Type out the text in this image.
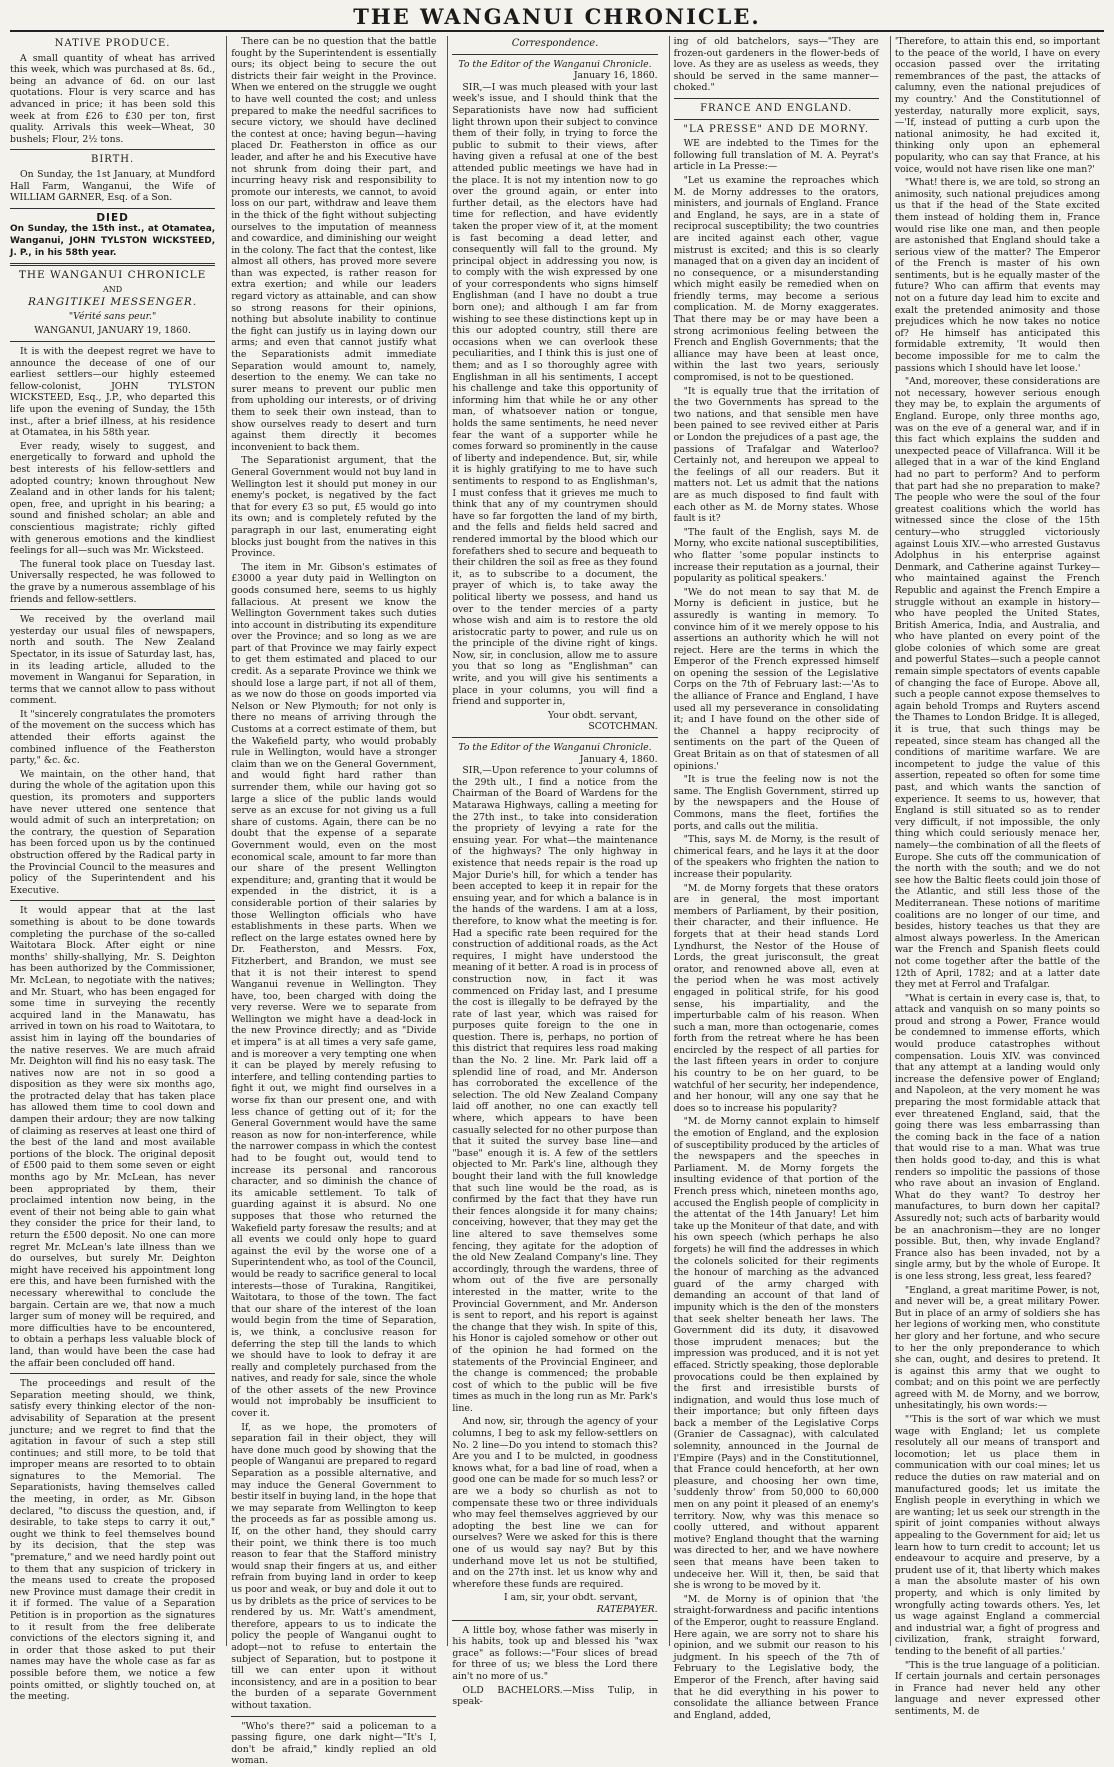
THE WANGANUI CHRONICLE.
NATIVE PRODUCE.

A small quantity of wheat has arrived this week, which was purchased at 8s. 6d., being an advance of 6d. on our last quotations. Flour is very scarce and has advanced in price; it has been sold this week at from £26 to £30 per ton, first quality. Arrivals this week—Wheat, 30 bushels; Flour, 2½ tons.

BIRTH.

On Sunday, the 1st January, at Mundford Hall Farm, Wanganui, the Wife of WILLIAM GARNER, Esq. of a Son.

DIED

On Sunday, the 15th inst., at Otamatea, Wanganui, JOHN TYLSTON WICKSTEED, J. P., in his 58th year.

THE WANGANUI CHRONICLE
AND
RANGITIKEI MESSENGER.
"Vérité sans peur."
WANGANUI, JANUARY 19, 1860.

It is with the deepest regret we have to announce the decease of one of our earliest settlers—our highly esteemed fellow-colonist, JOHN TYLSTON WICKSTEED, Esq., J.P., who departed this life upon the evening of Sunday, the 15th inst., after a brief illness, at his residence at Otamatea, in his 58th year.

Ever ready, wisely to suggest, and energetically to forward and uphold the best interests of his fellow-settlers and adopted country; known throughout New Zealand and in other lands for his talent; open, free, and upright in his bearing; a sound and finished scholar; an able and conscientious magistrate; richly gifted with generous emotions and the kindliest feelings for all—such was Mr. Wicksteed.

The funeral took place on Tuesday last. Universally respected, he was followed to the grave by a numerous assemblage of his friends and fellow-settlers.

We received by the overland mail yesterday our usual files of newspapers, north and south. The New Zealand Spectator, in its issue of Saturday last, has, in its leading article, alluded to the movement in Wanganui for Separation, in terms that we cannot allow to pass without comment.

It "sincerely congratulates the promoters of the movement on the success which has attended their efforts against the combined influence of the Featherston party," &c. &c.

We maintain, on the other hand, that during the whole of the agitation upon this question, its promoters and supporters have never uttered one sentence that would admit of such an interpretation; on the contrary, the question of Separation has been forced upon us by the continued obstruction offered by the Radical party in the Provincial Council to the measures and policy of the Superintendent and his Executive.

It would appear that at the last something is about to be done towards completing the purchase of the so-called Waitotara Block. After eight or nine months' shilly-shallying, Mr. S. Deighton has been authorized by the Commissioner, Mr. McLean, to negotiate with the natives; and Mr. Stuart, who has been engaged for some time in surveying the recently acquired land in the Manawatu, has arrived in town on his road to Waitotara, to assist him in laying off the boundaries of the native reserves. We are much afraid Mr. Deighton will find his no easy task. The natives now are not in so good a disposition as they were six months ago, the protracted delay that has taken place has allowed them time to cool down and dampen their ardour; they are now talking of claiming as reserves at least one third of the best of the land and most available portions of the block. The original deposit of £500 paid to them some seven or eight months ago by Mr. McLean, has never been appropriated by them, their proclaimed intention now being, in the event of their not being able to gain what they consider the price for their land, to return the £500 deposit. No one can more regret Mr. McLean's late illness than we do ourselves, but surely Mr. Deighton might have received his appointment long ere this, and have been furnished with the necessary wherewithal to conclude the bargain. Certain are we, that now a much larger sum of money will be required, and more difficulties have to be encountered, to obtain a perhaps less valuable block of land, than would have been the case had the affair been concluded off hand.

The proceedings and result of the Separation meeting should, we think, satisfy every thinking elector of the non-advisability of Separation at the present juncture; and we regret to find that the agitation in favour of such a step still continues; and still more, to be told that improper means are resorted to to obtain signatures to the Memorial. The Separationists, having themselves called the meeting, in order, as Mr. Gibson declared, "to discuss the question, and, if desirable, to take steps to carry it out," ought we think to feel themselves bound by its decision, that the step was "premature," and we need hardly point out to them that any suspicion of trickery in the means used to create the proposed new Province must damage their credit in it if formed. The value of a Separation Petition is in proportion as the signatures to it result from the free deliberate convictions of the electors signing it, and in order that those asked to put their names may have the whole case as far as possible before them, we notice a few points omitted, or slightly touched on, at the meeting.

There can be no question that the battle fought by the Superintendent is essentially ours; its object being to secure the out districts their fair weight in the Province. When we entered on the struggle we ought to have well counted the cost; and unless prepared to make the needful sacrifices to secure victory, we should have declined the contest at once; having begun—having placed Dr. Featherston in office as our leader, and after he and his Executive have not shrunk from doing their part, and incurring heavy risk and responsibility to promote our interests, we cannot, to avoid loss on our part, withdraw and leave them in the thick of the fight without subjecting ourselves to the imputation of meanness and cowardice, and diminishing our weight in the colony. The fact that the contest, like almost all others, has proved more severe than was expected, is rather reason for extra exertion; and while our leaders regard victory as attainable, and can show so strong reasons for their opinions, nothing but absolute inability to continue the fight can justify us in laying down our arms; and even that cannot justify what the Separationists admit immediate Separation would amount to, namely, desertion to the enemy. We can take no surer means to prevent our public men from upholding our interests, or of driving them to seek their own instead, than to show ourselves ready to desert and turn against them directly it becomes inconvenient to back them.

The Separationist argument, that the General Government would not buy land in Wellington lest it should put money in our enemy's pocket, is negatived by the fact that for every £3 so put, £5 would go into its own; and is completely refuted by the paragraph in our last, enumerating eight blocks just bought from the natives in this Province.

The item in Mr. Gibson's estimates of £3000 a year duty paid in Wellington on goods consumed here, seems to us highly fallacious. At present we know the Wellington Government takes such duties into account in distributing its expenditure over the Province; and so long as we are part of that Province we may fairly expect to get them estimated and placed to our credit. As a separate Province we think we should lose a large part, if not all of them, as we now do those on goods imported via Nelson or New Plymouth; for not only is there no means of arriving through the Customs at a correct estimate of them, but the Wakefield party, who would probably rule in Wellington, would have a stronger claim than we on the General Government, and would fight hard rather than surrender them, while our having got so large a slice of the public lands would serve as an excuse for not giving us a full share of customs. Again, there can be no doubt that the expense of a separate Government would, even on the most economical scale, amount to far more than our share of the present Wellington expenditure; and, granting that it would be expended in the district, it is a considerable portion of their salaries by those Wellington officials who have establishments in these parts. When we reflect on the large estates owned here by Dr. Featherston, and Messrs. Fox, Fitzherbert, and Brandon, we must see that it is not their interest to spend Wanganui revenue in Wellington. They have, too, been charged with doing the very reverse. Were we to separate from Wellington we might have a dead-lock in the new Province directly; and as "Divide et impera" is at all times a very safe game, and is moreover a very tempting one when it can be played by merely refusing to interfere, and telling contending parties to fight it out, we might find ourselves in a worse fix than our present one, and with less chance of getting out of it; for the General Government would have the same reason as now for non-interference, while the narrower compass in which the contest had to be fought out, would tend to increase its personal and rancorous character, and so diminish the chance of its amicable settlement. To talk of guarding against it is absurd. No one supposes that those who returned the Wakefield party foresaw the results; and at all events we could only hope to guard against the evil by the worse one of a Superintendent who, as tool of the Council, would be ready to sacrifice general to local interests—those of Turakina, Rangitikei, Waitotara, to those of the town. The fact that our share of the interest of the loan would begin from the time of Separation, is, we think, a conclusive reason for deferring the step till the lands to which we should have to look to defray it are really and completely purchased from the natives, and ready for sale, since the whole of the other assets of the new Province would not improbably be insufficient to cover it.

If, as we hope, the promoters of separation fail in their object, they will have done much good by showing that the people of Wanganui are prepared to regard Separation as a possible alternative, and may induce the General Government to bestir itself in buying land, in the hope that we may separate from Wellington to keep the proceeds as far as possible among us. If, on the other hand, they should carry their point, we think there is too much reason to fear that the Stafford ministry would snap their fingers at us, and either refrain from buying land in order to keep us poor and weak, or buy and dole it out to us by driblets as the price of services to be rendered by us. Mr. Watt's amendment, therefore, appears to us to indicate the policy the people of Wanganui ought to adopt—not to refuse to entertain the subject of Separation, but to postpone it till we can enter upon it without inconsistency, and are in a position to bear the burden of a separate Government without taxation.

"Who's there?" said a policeman to a passing figure, one dark night—"It's I, don't be afraid," kindly replied an old woman.

Correspondence.
To the Editor of the Wanganui Chronicle.
January 16, 1860.

SIR,—I was much pleased with your last week's issue, and I should think that the Separationists have now had sufficient light thrown upon their subject to convince them of their folly, in trying to force the public to submit to their views, after having given a refusal at one of the best attended public meetings we have had in the place. It is not my intention now to go over the ground again, or enter into further detail, as the electors have had time for reflection, and have evidently taken the proper view of it, at the moment is fast becoming a dead letter, and consequently will fall to the ground. My principal object in addressing you now, is to comply with the wish expressed by one of your correspondents who signs himself Englishman (and I have no doubt a true born one); and although I am far from wishing to see these distinctions kept up in this our adopted country, still there are occasions when we can overlook these peculiarities, and I think this is just one of them; and as I so thoroughly agree with Englishman in all his sentiments, I accept his challenge and take this opportunity of informing him that while he or any other man, of whatsoever nation or tongue, holds the same sentiments, he need never fear the want of a supporter while he comes forward so prominently in the cause of liberty and independence. But, sir, while it is highly gratifying to me to have such sentiments to respond to as Englishman's, I must confess that it grieves me much to think that any of my countrymen should have so far forgotten the land of my birth, and the fells and fields held sacred and rendered immortal by the blood which our forefathers shed to secure and bequeath to their children the soil as free as they found it, as to subscribe to a document, the prayer of which is, to take away the political liberty we possess, and hand us over to the tender mercies of a party whose wish and aim is to restore the old aristocratic party to power, and rule us on the principle of the divine right of kings. Now, sir, in conclusion, allow me to assure you that so long as "Englishman" can write, and you will give his sentiments a place in your columns, you will find a friend and supporter in,

Your obdt. servant,
SCOTCHMAN.
To the Editor of the Wanganui Chronicle.
January 4, 1860.

SIR,—Upon reference to your columns of the 29th ult., I find a notice from the Chairman of the Board of Wardens for the Matarawa Highways, calling a meeting for the 27th inst., to take into consideration the propriety of levying a rate for the ensuing year. For what—the maintenance of the highways? The only highway in existence that needs repair is the road up Major Durie's hill, for which a tender has been accepted to keep it in repair for the ensuing year, and for which a balance is in the hands of the wardens. I am at a loss, therefore, to know what the meeting is for. Had a specific rate been required for the construction of additional roads, as the Act requires, I might have understood the meaning of it better. A road is in process of construction now, in fact it was commenced on Friday last, and I presume the cost is illegally to be defrayed by the rate of last year, which was raised for purposes quite foreign to the one in question. There is, perhaps, no portion of this district that requires less road making than the No. 2 line. Mr. Park laid off a splendid line of road, and Mr. Anderson has corroborated the excellence of the selection. The old New Zealand Company laid off another, no one can exactly tell where, which appears to have been casually selected for no other purpose than that it suited the survey base line—and "base" enough it is. A few of the settlers objected to Mr. Park's line, although they bought their land with the full knowledge that such line would be the road, as is confirmed by the fact that they have run their fences alongside it for many chains; conceiving, however, that they may get the line altered to save themselves some fencing, they agitate for the adoption of the old New Zealand Company's line. They accordingly, through the wardens, three of whom out of the five are personally interested in the matter, write to the Provincial Government, and Mr. Anderson is sent to report, and his report is against the change that they wish. In spite of this, his Honor is cajoled somehow or other out of the opinion he had formed on the statements of the Provincial Engineer, and the change is commenced; the probable cost of which to the public will be five times as much in the long run as Mr. Park's line.

And now, sir, through the agency of your columns, I beg to ask my fellow-settlers on No. 2 line—Do you intend to stomach this? Are you and I to be mulcted, in goodness knows what, for a bad line of road, when a good one can be made for so much less? or are we a body so churlish as not to compensate these two or three individuals who may feel themselves aggrieved by our adopting the best line we can for ourselves? Were we asked for this is there one of us would say nay? But by this underhand move let us not be stultified, and on the 27th inst. let us know why and wherefore these funds are required.

I am, sir, your obdt. servant,
RATEPAYER.

A little boy, whose father was miserly in his habits, took up and blessed his "wax grace" as follows:—"Four slices of bread for three of us; we bless the Lord there ain't no more of us."

OLD BACHELORS.—Miss Tulip, in speak-

ing of old batchelors, says—"They are frozen-out gardeners in the flower-beds of love. As they are as useless as weeds, they should be served in the same manner—choked."

FRANCE AND ENGLAND.
"LA PRESSE" AND DE MORNY.

WE are indebted to the Times for the following full translation of M. A. Peyrat's article in La Presse:—

"Let us examine the reproaches which M. de Morny addresses to the orators, ministers, and journals of England. France and England, he says, are in a state of reciprocal susceptibility; the two countries are incited against each other, vague mistrust is excited; and this is so clearly managed that on a given day an incident of no consequence, or a misunderstanding which might easily be remedied when on friendly terms, may become a serious complication. M. de Morny exaggerates. That there may be or may have been a strong acrimonious feeling between the French and English Governments; that the alliance may have been at least once, within the last two years, seriously compromised, is not to be questioned.

"It is equally true that the irritation of the two Governments has spread to the two nations, and that sensible men have been pained to see revived either at Paris or London the prejudices of a past age, the passions of Trafalgar and Waterloo? Certainly not, and hereupon we appeal to the feelings of all our readers. But it matters not. Let us admit that the nations are as much disposed to find fault with each other as M. de Morny states. Whose fault is it?

"The fault of the English, says M. de Morny, who excite national susceptibilities, who flatter 'some popular instincts to increase their reputation as a journal, their popularity as political speakers.'

"We do not mean to say that M. de Morny is deficient in justice, but he assuredly is wanting in memory. To convince him of it we merely oppose to his assertions an authority which he will not reject. Here are the terms in which the Emperor of the French expressed himself on opening the session of the Legislative Corps on the 7th of February last:—'As to the alliance of France and England, I have used all my perseverance in consolidating it; and I have found on the other side of the Channel a happy reciprocity of sentiments on the part of the Queen of Great Britain as on that of statesmen of all opinions.'

"It is true the feeling now is not the same. The English Government, stirred up by the newspapers and the House of Commons, mans the fleet, fortifies the ports, and calls out the militia.

"This, says M. de Morny, is the result of chimerical fears, and he lays it at the door of the speakers who frighten the nation to increase their popularity.

"M. de Morny forgets that these orators are in general, the most important members of Parliament, by their position, their character, and their influence. He forgets that at their head stands Lord Lyndhurst, the Nestor of the House of Lords, the great jurisconsult, the great orator, and renowned above all, even at the period when he was most actively engaged in political strife, for his good sense, his impartiality, and the imperturbable calm of his reason. When such a man, more than octogenarie, comes forth from the retreat where he has been encircled by the respect of all parties for the last fifteen years in order to conjure his country to be on her guard, to be watchful of her security, her independence, and her honour, will any one say that he does so to increase his popularity?

"M. de Morny cannot explain to himself the emotion of England, and the explosion of susceptibility produced by the articles of the newspapers and the speeches in Parliament. M. de Morny forgets the insulting evidence of that portion of the French press which, nineteen months ago, accused the English people of complicity in the attentat of the 14th January! Let him take up the Moniteur of that date, and with his own speech (which perhaps he also forgets) he will find the addresses in which the colonels solicited for their regiments the honour of marching as the advanced guard of the army charged with demanding an account of that land of impunity which is the den of the monsters that seek shelter beneath her laws. The Government did its duty, it disavowed those imprudent menaces; but the impression was produced, and it is not yet effaced. Strictly speaking, those deplorable provocations could be then explained by the first and irresistible bursts of indignation, and would thus lose much of their importance; but only fifteen days back a member of the Legislative Corps (Granier de Cassagnac), with calculated solemnity, announced in the Journal de l'Empire (Pays) and in the Constitutionnel, that France could henceforth, at her own pleasure, and choosing her own time, 'suddenly throw' from 50,000 to 60,000 men on any point it pleased of an enemy's territory. Now, why was this menace so coolly uttered, and without apparent motive? England thought that the warning was directed to her, and we have nowhere seen that means have been taken to undeceive her. Will it, then, be said that she is wrong to be moved by it.

"M. de Morny is of opinion that 'the straight-forwardness and pacific intentions of the Emperor, ought to reassure England. Here again, we are sorry not to share his opinion, and we submit our reason to his judgment. In his speech of the 7th of February to the Legislative body, the Emperor of the French, after having said that he did everything in his power to consolidate the alliance between France and England, added,

'Therefore, to attain this end, so important to the peace of the world, I have on every occasion passed over the irritating remembrances of the past, the attacks of calumny, even the national prejudices of my country.' And the Constitutionnel of yesterday, naturally more explicit, says,—'If, instead of putting a curb upon the national animosity, he had excited it, thinking only upon an ephemeral popularity, who can say that France, at his voice, would not have risen like one man?'

"What! there is, we are told, so strong an animosity, such national prejudices among us that if the head of the State excited them instead of holding them in, France would rise like one man, and then people are astonished that England should take a serious view of the matter? The Emperor of the French is master of his own sentiments, but is he equally master of the future? Who can affirm that events may not on a future day lead him to excite and exalt the pretended animosity and those prejudices which he now takes no notice of? He himself has anticipated this formidable extremity, 'It would then become impossible for me to calm the passions which I should have let loose.'

"And, moreover, these considerations are not necessary, however serious enough they may be, to explain the arguments of England. Europe, only three months ago, was on the eve of a general war, and if in this fact which explains the sudden and unexpected peace of Villafranca. Will it be alleged that in a war of the kind England had no part to perform? And to perform that part had she no preparation to make? The people who were the soul of the four greatest coalitions which the world has witnessed since the close of the 15th century—who struggled victoriously against Louis XIV.—who arrested Gustavus Adolphus in his enterprise against Denmark, and Catherine against Turkey—who maintained against the French Republic and against the French Empire a struggle without an example in history—who have peopled the United States, British America, India, and Australia, and who have planted on every point of the globe colonies of which some are great and powerful States—such a people cannot remain simple spectators of events capable of changing the face of Europe. Above all, such a people cannot expose themselves to again behold Tromps and Ruyters ascend the Thames to London Bridge. It is alleged, it is true, that such things may be repeated, since steam has changed all the conditions of maritime warfare. We are incompetent to judge the value of this assertion, repeated so often for some time past, and which wants the sanction of experience. It seems to us, however, that England is still situated so as to render very difficult, if not impossible, the only thing which could seriously menace her, namely—the combination of all the fleets of Europe. She cuts off the communication of the north with the south; and we do not see how the Baltic fleets could join those of the Atlantic, and still less those of the Mediterranean. These notions of maritime coalitions are no longer of our time, and besides, history teaches us that they are almost always powerless. In the American war the French and Spanish fleets could not come together after the battle of the 12th of April, 1782; and at a latter date they met at Ferrol and Trafalgar.

"What is certain in every case is, that, to attack and vanquish on so many points so proud and strong a Power, France would be condemned to immense efforts, which would produce catastrophes without compensation. Louis XIV. was convinced that any attempt at a landing would only increase the defensive power of England; and Napoleon, at the very moment he was preparing the most formidable attack that ever threatened England, said, that the going there was less embarrassing than the coming back in the face of a nation that would rise to a man. What was true then holds good to-day, and this is what renders so impolitic the passions of those who rave about an invasion of England. What do they want? To destroy her manufactures, to burn down her capital? Assuredly not; such acts of barbarity would be an anachronism—they are no longer possible. But, then, why invade England? France also has been invaded, not by a single army, but by the whole of Europe. It is one less strong, less great, less feared?

"England, a great maritime Power, is not, and never will be, a great military Power. But in place of an army of soldiers she has her legions of working men, who constitute her glory and her fortune, and who secure to her the only preponderance to which she can, ought, and desires to pretend. It is against this army that we ought to combat; and on this point we are perfectly agreed with M. de Morny, and we borrow, unhesitatingly, his own words:—

"'This is the sort of war which we must wage with England; let us complete resolutely all our means of transport and locomotion; let us place them in communication with our coal mines; let us reduce the duties on raw material and on manufactured goods; let us imitate the English people in everything in which we are wanting; let us seek our strength in the spirit of joint companies without always appealing to the Government for aid; let us learn how to turn credit to account; let us endeavour to acquire and preserve, by a prudent use of it, that liberty which makes a man the absolute master of his own property, and which is only limited by wrongfully acting towards others. Yes, let us wage against England a commercial and industrial war, a fight of progress and civilization, frank, straight forward, tending to the benefit of all parties.'

"This is the true language of a politician. If certain journals and certain personages in France had never held any other language and never expressed other sentiments, M. de
